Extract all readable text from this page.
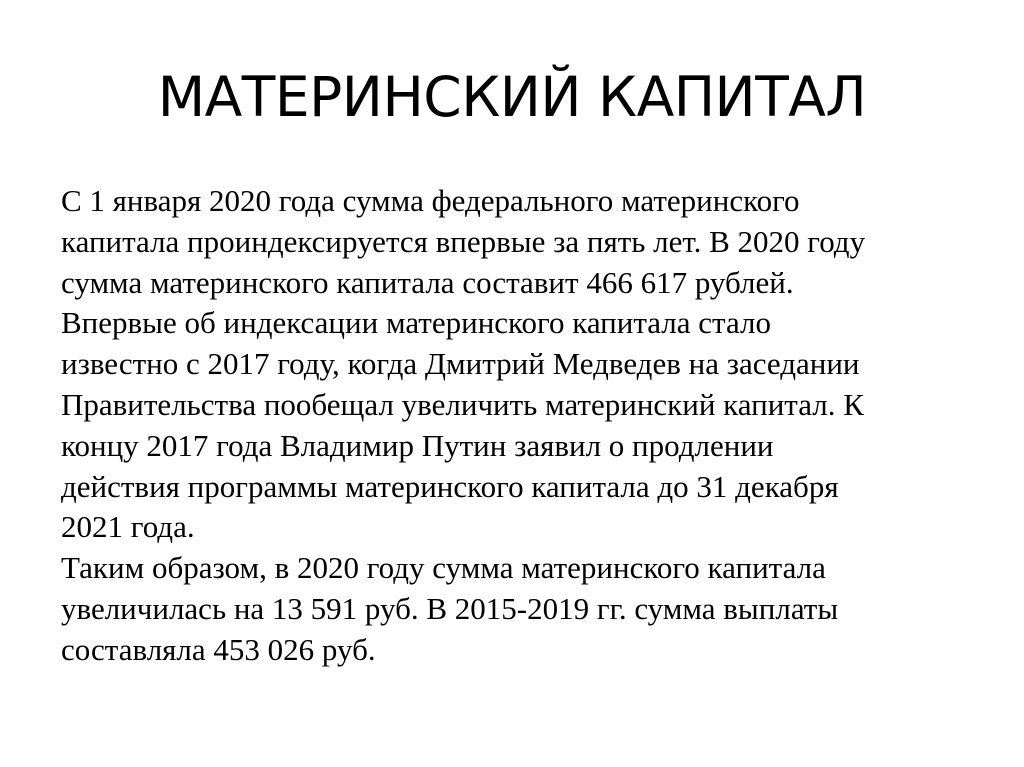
МАТЕРИНСКИЙ КАПИТАЛ
С 1 января 2020 года сумма федерального материнского
капитала проиндексируется впервые за пять лет. В 2020 году
сумма материнского капитала составит 466 617 рублей.
Впервые об индексации материнского капитала стало
известно с 2017 году, когда Дмитрий Медведев на заседании
Правительства пообещал увеличить материнский капитал. К
концу 2017 года Владимир Путин заявил о продлении
действия программы материнского капитала до 31 декабря
2021 года.
Таким образом, в 2020 году сумма материнского капитала
увеличилась на 13 591 руб. В 2015-2019 гг. сумма выплаты
составляла 453 026 руб.
